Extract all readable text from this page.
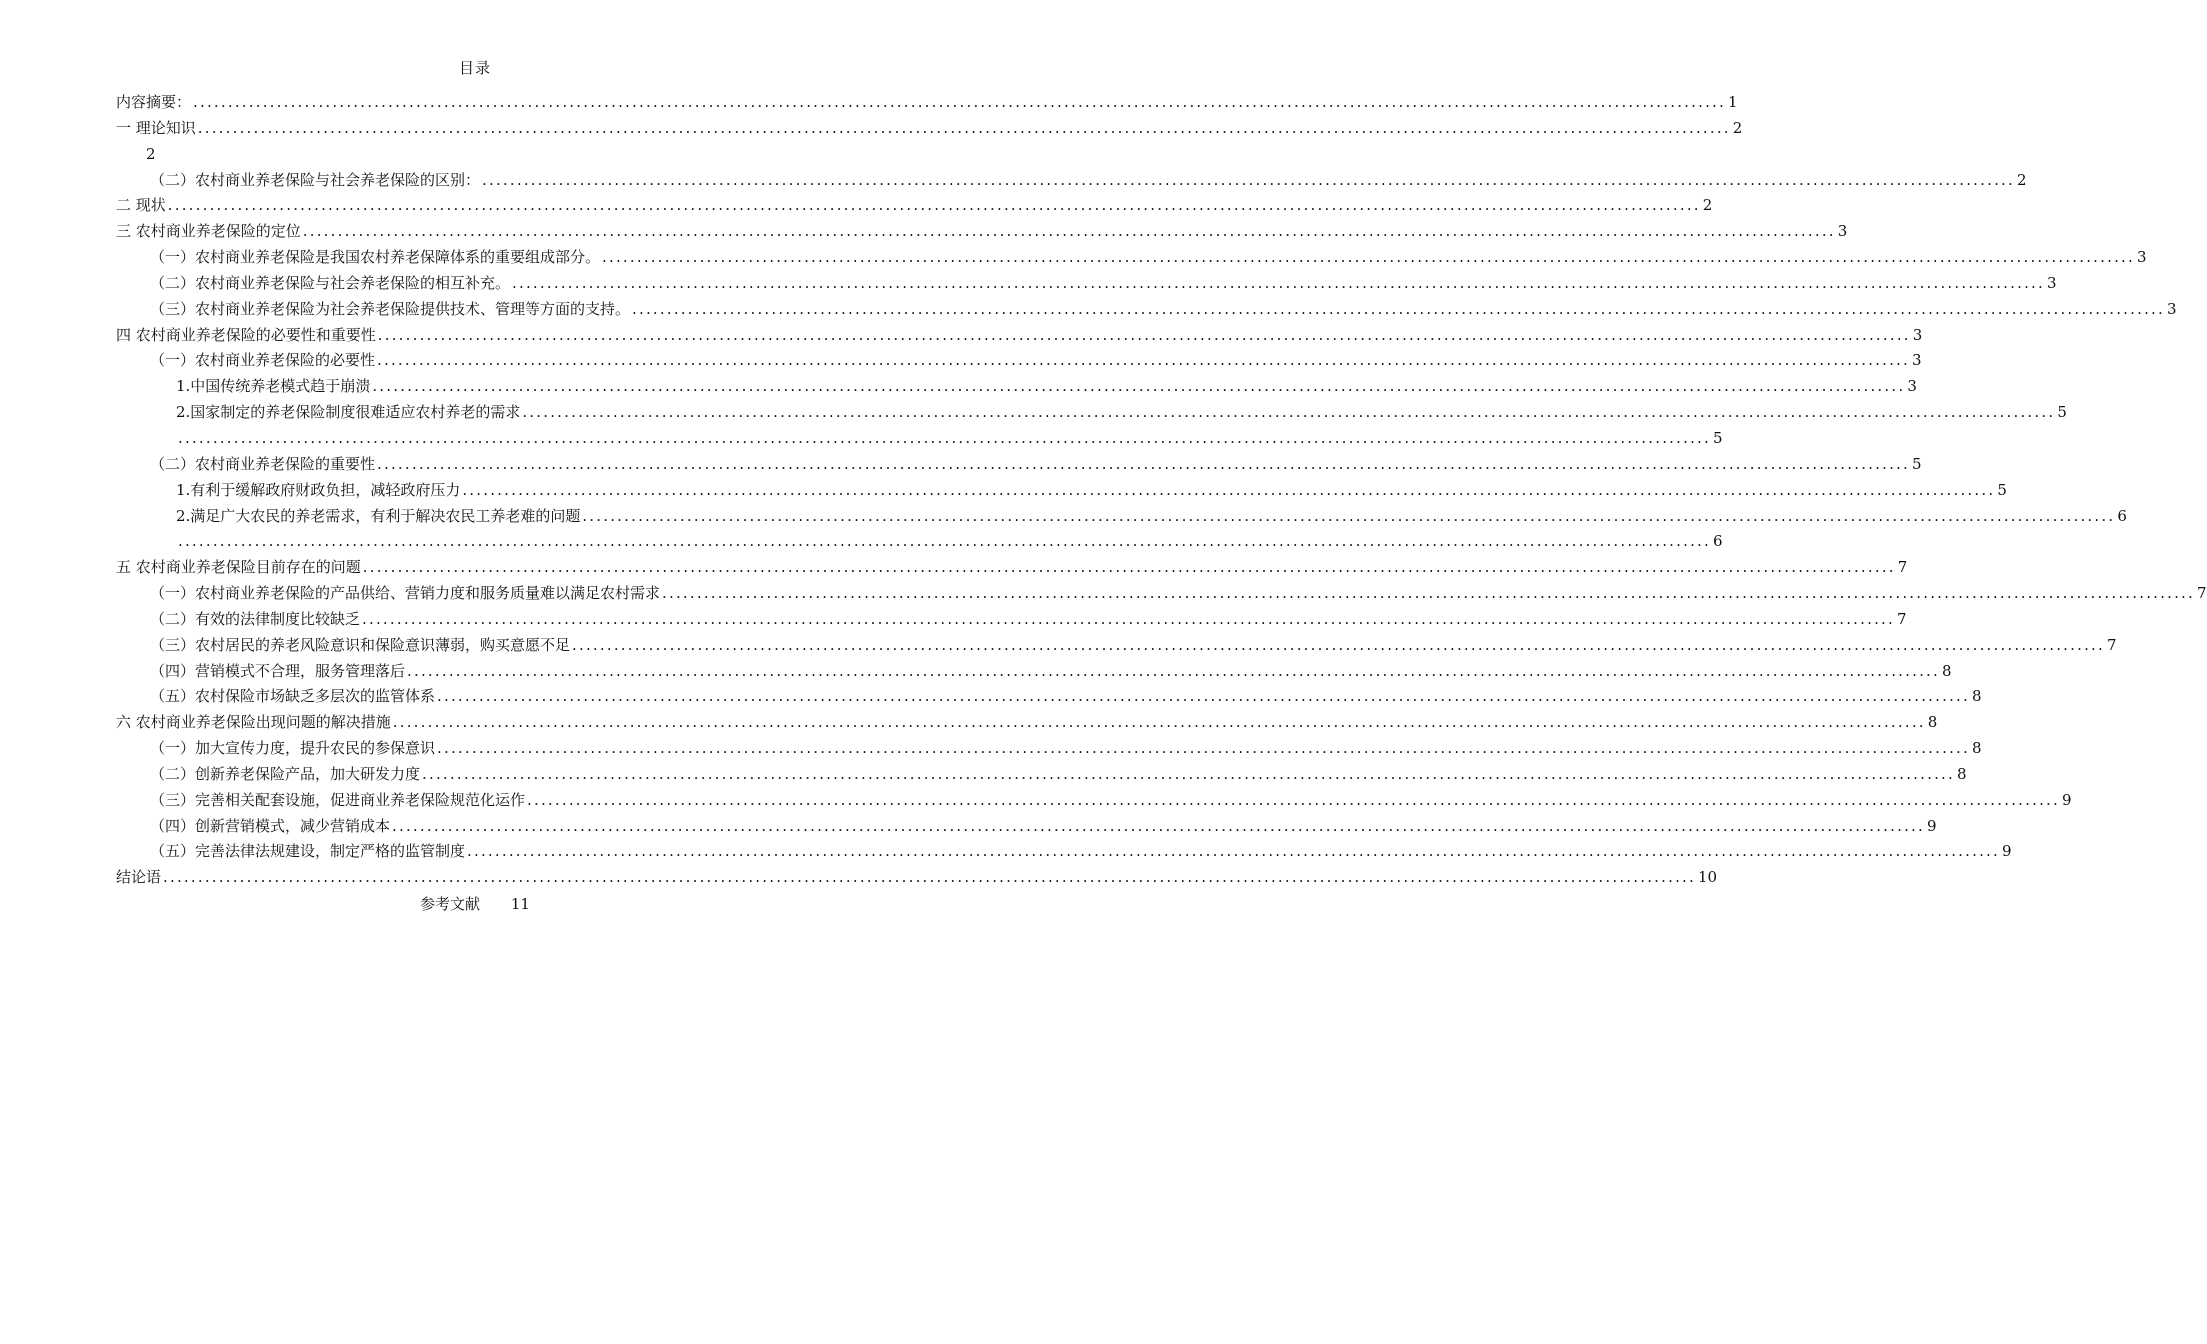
目录
内容摘要： ............................................................................................................................................................................................................................ 1
一 理论知识 ............................................................................................................................................................................................................................ 2
2
（二）农村商业养老保险与社会养老保险的区别： ............................................................................................................................................................................................................................ 2
二 现状 ............................................................................................................................................................................................................................ 2
三 农村商业养老保险的定位 ............................................................................................................................................................................................................................ 3
（一）农村商业养老保险是我国农村养老保障体系的重要组成部分。 ............................................................................................................................................................................................................................ 3
（二）农村商业养老保险与社会养老保险的相互补充。 ............................................................................................................................................................................................................................ 3
（三）农村商业养老保险为社会养老保险提供技术、管理等方面的支持。 ............................................................................................................................................................................................................................ 3
四 农村商业养老保险的必要性和重要性 ............................................................................................................................................................................................................................ 3
（一）农村商业养老保险的必要性 ............................................................................................................................................................................................................................ 3
1.中国传统养老模式趋于崩溃 ............................................................................................................................................................................................................................ 3
2.国家制定的养老保险制度很难适应农村养老的需求 ............................................................................................................................................................................................................................ 5
............................................................................................................................................................................................................................ 5
（二）农村商业养老保险的重要性 ............................................................................................................................................................................................................................ 5
1.有利于缓解政府财政负担，减轻政府压力 ............................................................................................................................................................................................................................ 5
2.满足广大农民的养老需求，有利于解决农民工养老难的问题 ............................................................................................................................................................................................................................ 6
............................................................................................................................................................................................................................ 6
五 农村商业养老保险目前存在的问题 ............................................................................................................................................................................................................................ 7
（一）农村商业养老保险的产品供给、营销力度和服务质量难以满足农村需求 ............................................................................................................................................................................................................................ 7
（二）有效的法律制度比较缺乏 ............................................................................................................................................................................................................................ 7
（三）农村居民的养老风险意识和保险意识薄弱，购买意愿不足 ............................................................................................................................................................................................................................ 7
（四）营销模式不合理，服务管理落后 ............................................................................................................................................................................................................................ 8
（五）农村保险市场缺乏多层次的监管体系 ............................................................................................................................................................................................................................ 8
六 农村商业养老保险出现问题的解决措施 ............................................................................................................................................................................................................................ 8
（一）加大宣传力度，提升农民的参保意识 ............................................................................................................................................................................................................................ 8
（二）创新养老保险产品，加大研发力度 ............................................................................................................................................................................................................................ 8
（三）完善相关配套设施，促进商业养老保险规范化运作 ............................................................................................................................................................................................................................ 9
（四）创新营销模式，减少营销成本 ............................................................................................................................................................................................................................ 9
（五）完善法律法规建设，制定严格的监管制度 ............................................................................................................................................................................................................................ 9
结论语 ............................................................................................................................................................................................................................ 10
参考文献 11
